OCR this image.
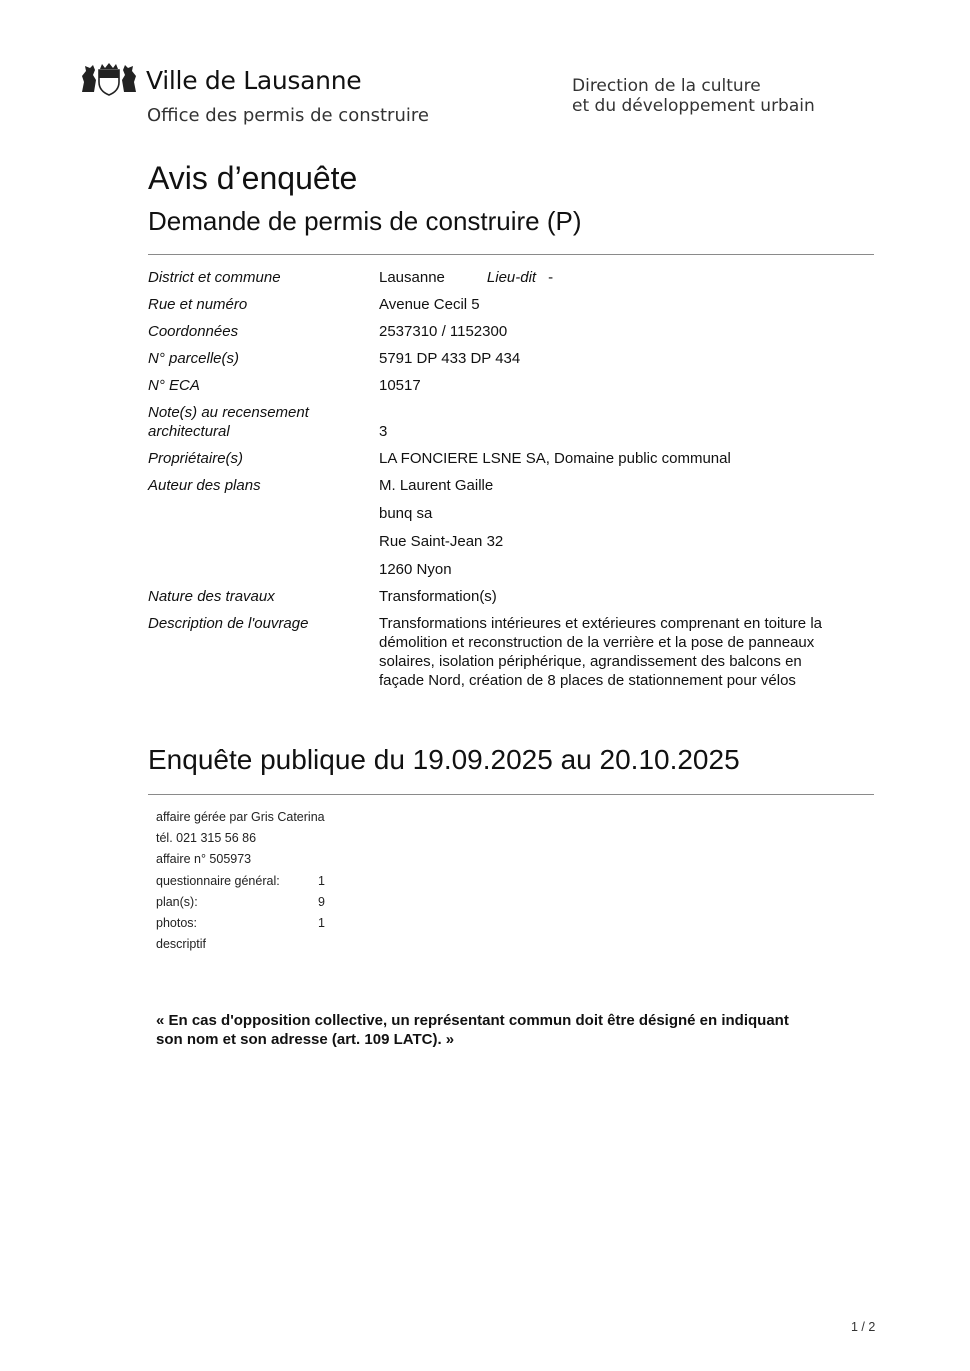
Ville de Lausanne
Office des permis de construire
Direction de la culture
et du développement urbain
Avis d’enquête
Demande de permis de construire (P)
District et commune	Lausanne	Lieu-dit -
Rue et numéro	Avenue Cecil 5
Coordonnées	2537310 / 1152300
N° parcelle(s)	5791 DP 433 DP 434
N° ECA	10517
Note(s) au recensement
architectural	3
Propriétaire(s)	LA FONCIERE LSNE SA, Domaine public communal
Auteur des plans	M. Laurent Gaille
bunq sa
Rue Saint-Jean 32
1260 Nyon
Nature des travaux	Transformation(s)
Description de l'ouvrage	Transformations intérieures et extérieures comprenant en toiture la
démolition et reconstruction de la verrière et la pose de panneaux
solaires, isolation périphérique, agrandissement des balcons en
façade Nord, création de 8 places de stationnement pour vélos
Enquête publique du 19.09.2025 au 20.10.2025
affaire gérée par Gris Caterina
tél. 021 315 56 86
affaire n° 505973
questionnaire général:	1
plan(s):	9
photos:	1
descriptif
« En cas d'opposition collective, un représentant commun doit être désigné en indiquant
son nom et son adresse (art. 109 LATC). »
1 / 2
